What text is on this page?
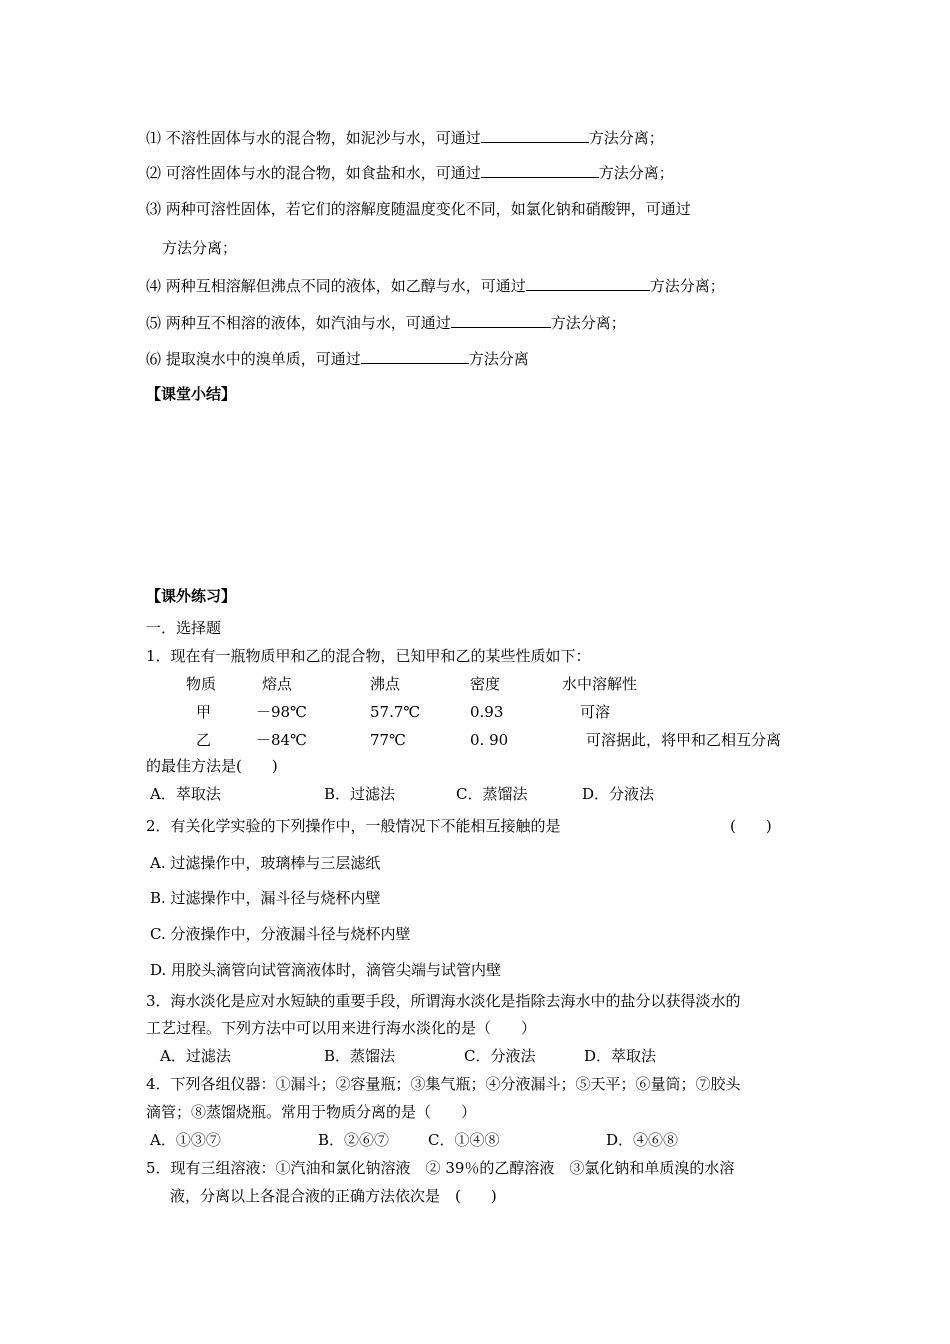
⑴ 不溶性固体与水的混合物，如泥沙与水，可通过	方法分离；
⑵ 可溶性固体与水的混合物，如食盐和水，可通过	方法分离；
⑶ 两种可溶性固体，若它们的溶解度随温度变化不同，如氯化钠和硝酸钾，可通过
方法分离；
⑷ 两种互相溶解但沸点不同的液体，如乙醇与水，可通过	方法分离；
⑸ 两种互不相溶的液体，如汽油与水，可通过	方法分离；
⑹ 提取溴水中的溴单质，可通过	方法分离
【课堂小结】
【课外练习】
一．选择题
1．现在有一瓶物质甲和乙的混合物，已知甲和乙的某些性质如下：
物质	熔点	沸点	密度	水中溶解性
甲	－98℃	57.7℃	0.93	可溶
乙	－84℃	77℃	0. 90	可溶据此，将甲和乙相互分离
的最佳方法是(　　)
A．萃取法	B．过滤法	C．蒸馏法	D．分液法
2．有关化学实验的下列操作中，一般情况下不能相互接触的是	(　　)
A. 过滤操作中，玻璃棒与三层滤纸
B. 过滤操作中，漏斗径与烧杯内壁
C. 分液操作中，分液漏斗径与烧杯内壁
D. 用胶头滴管向试管滴液体时，滴管尖端与试管内壁
3．海水淡化是应对水短缺的重要手段，所谓海水淡化是指除去海水中的盐分以获得淡水的
工艺过程。下列方法中可以用来进行海水淡化的是（　　）
A．过滤法	B．蒸馏法	C．分液法	D．萃取法
4．下列各组仪器：①漏斗；②容量瓶；③集气瓶；④分液漏斗；⑤天平；⑥量筒；⑦胶头
滴管；⑧蒸馏烧瓶。常用于物质分离的是（　　）
A．①③⑦	B．②⑥⑦	C．①④⑧	D．④⑥⑧
5．现有三组溶液：①汽油和氯化钠溶液　② 39％的乙醇溶液　③氯化钠和单质溴的水溶
液，分离以上各混合液的正确方法依次是　(　　)
